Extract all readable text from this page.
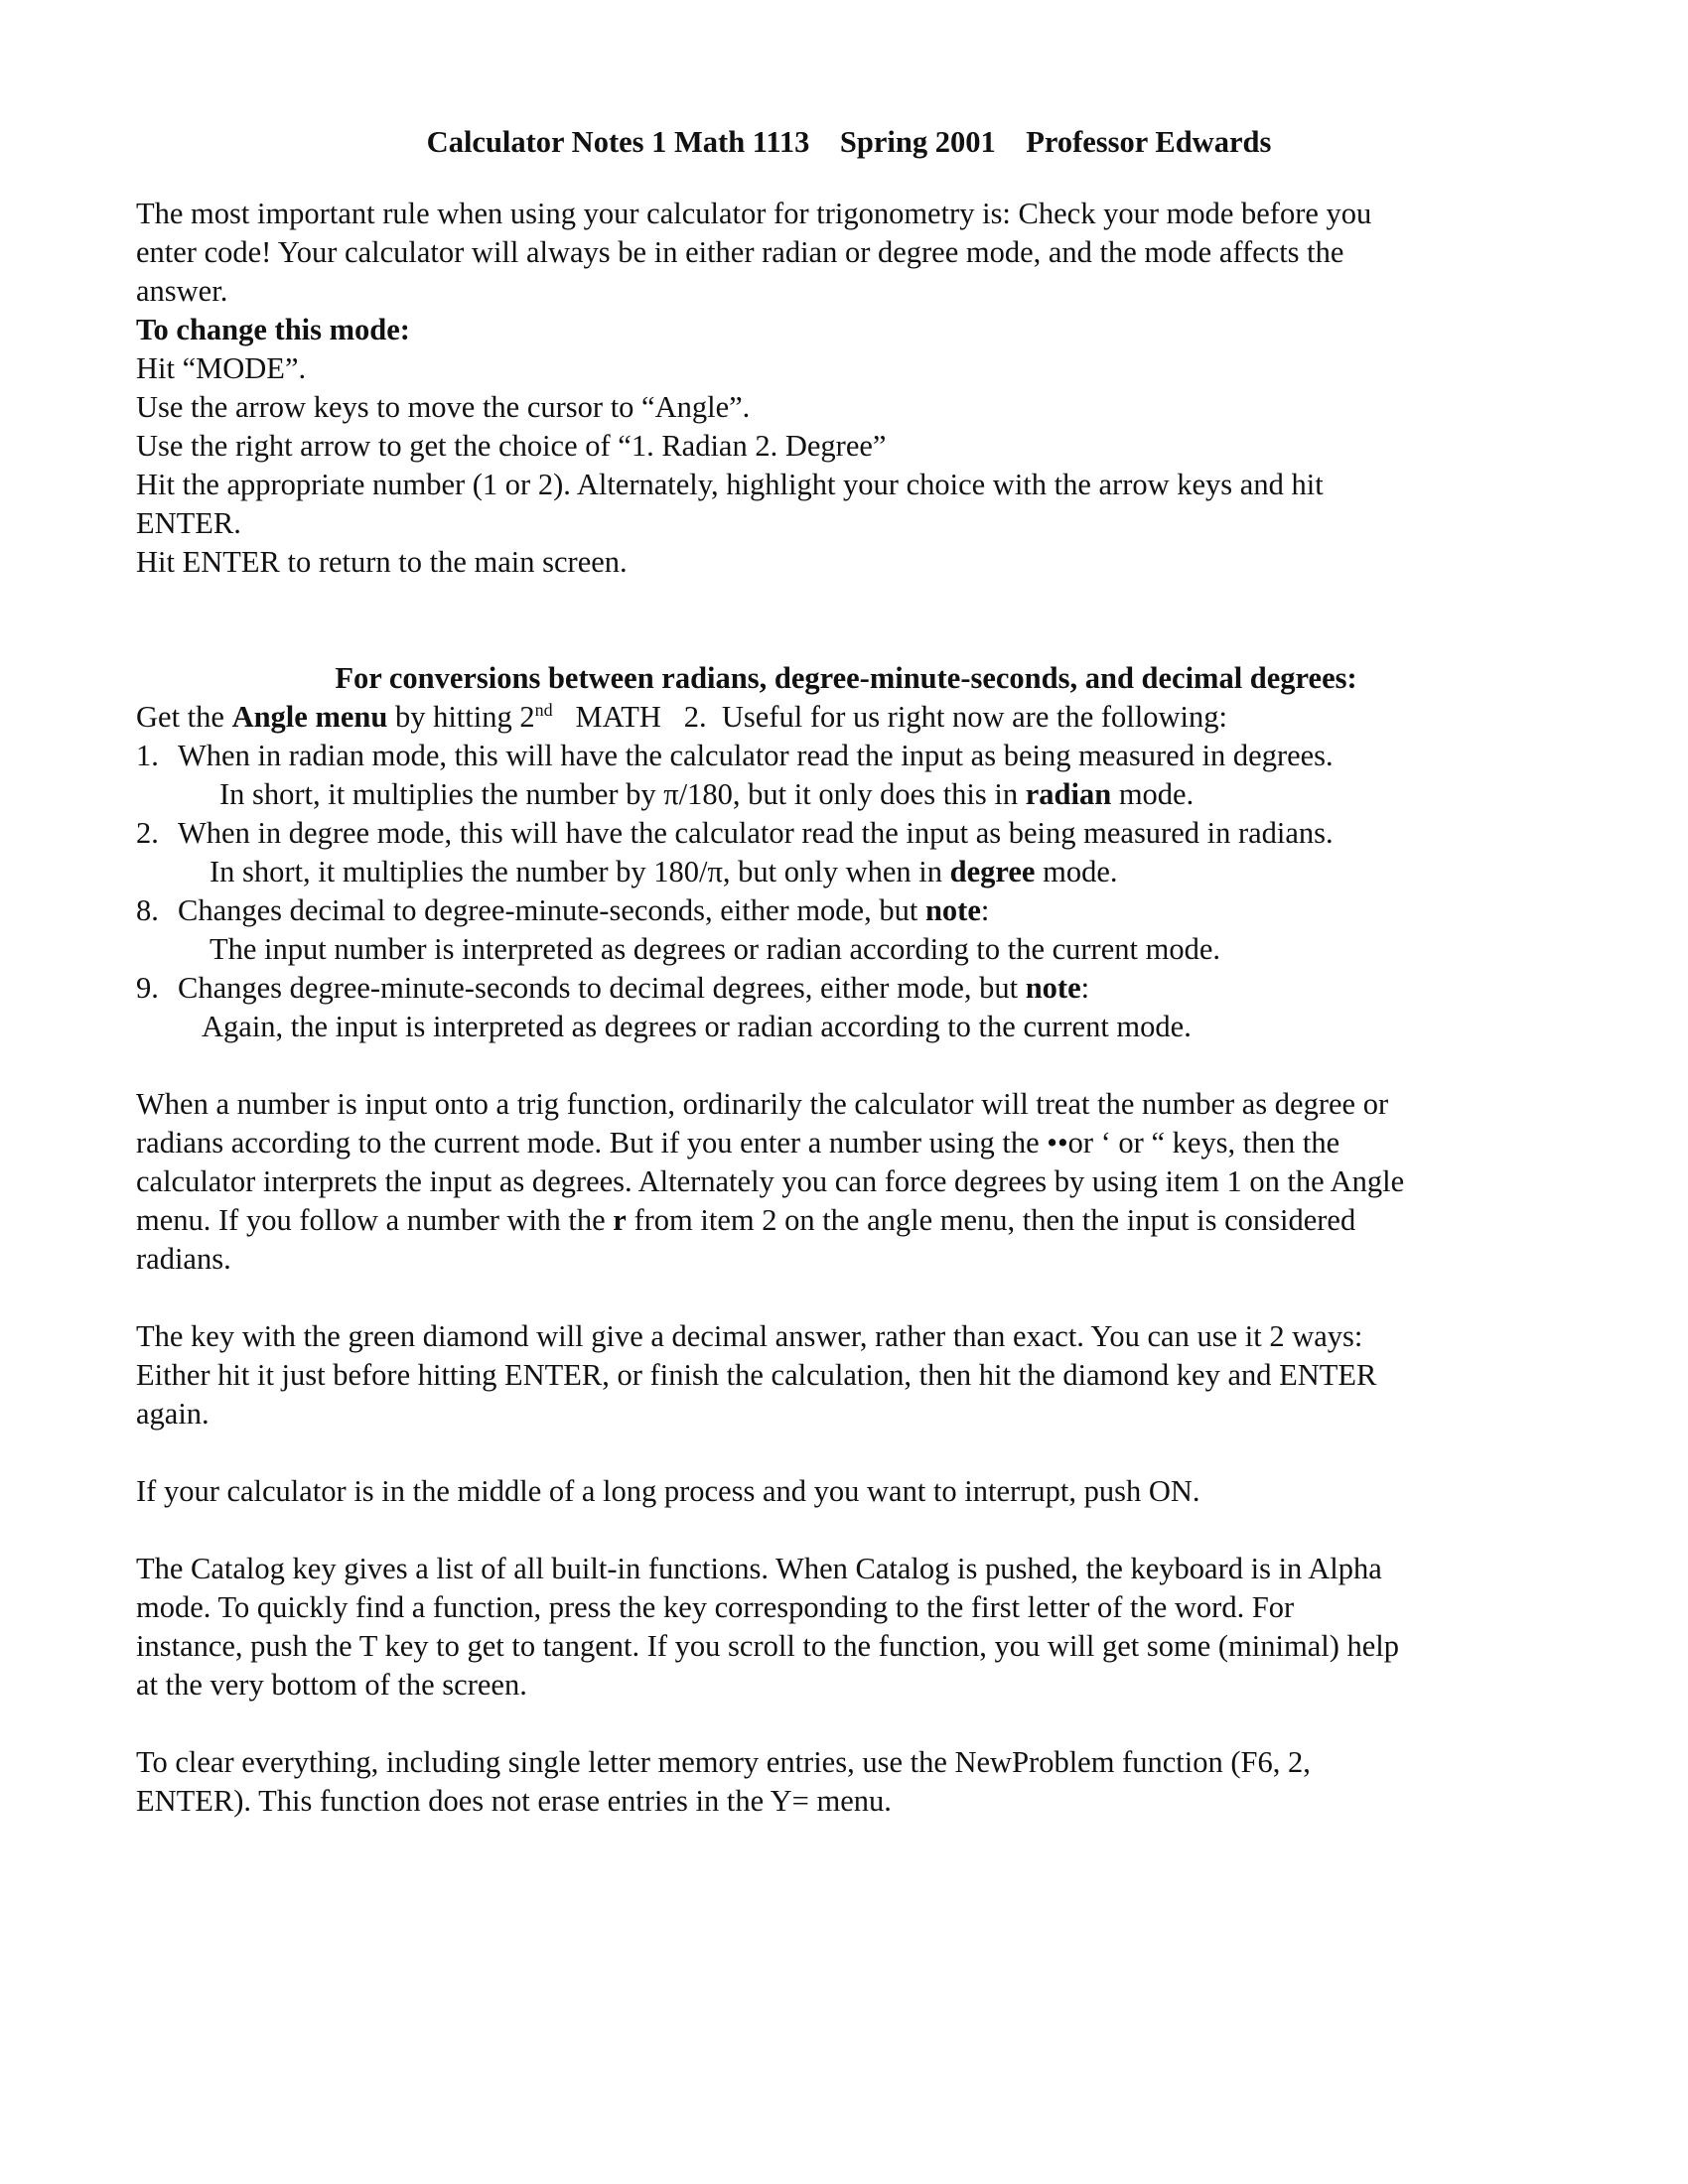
Calculator Notes 1 Math 1113 Spring 2001 Professor Edwards

The most important rule when using your calculator for trigonometry is: Check your mode before you

enter code! Your calculator will always be in either radian or degree mode, and the mode affects the

answer.

To change this mode:

Hit “MODE”.

Use the arrow keys to move the cursor to “Angle”.

Use the right arrow to get the choice of “1. Radian 2. Degree”

Hit the appropriate number (1 or 2). Alternately, highlight your choice with the arrow keys and hit

ENTER.

Hit ENTER to return to the main screen.

For conversions between radians, degree-minute-seconds, and decimal degrees:

Get the Angle menu by hitting 2nd   MATH   2.  Useful for us right now are the following:

1. When in radian mode, this will have the calculator read the input as being measured in degrees.

In short, it multiplies the number by π/180, but it only does this in radian mode.

2. When in degree mode, this will have the calculator read the input as being measured in radians.

In short, it multiplies the number by 180/π, but only when in degree mode.

8. Changes decimal to degree-minute-seconds, either mode, but note:

The input number is interpreted as degrees or radian according to the current mode.

9. Changes degree-minute-seconds to decimal degrees, either mode, but note:

Again, the input is interpreted as degrees or radian according to the current mode.

When a number is input onto a trig function, ordinarily the calculator will treat the number as degree or

radians according to the current mode. But if you enter a number using the ••or ‘ or “ keys, then the

calculator interprets the input as degrees. Alternately you can force degrees by using item 1 on the Angle

menu. If you follow a number with the r from item 2 on the angle menu, then the input is considered

radians.

The key with the green diamond will give a decimal answer, rather than exact. You can use it 2 ways:

Either hit it just before hitting ENTER, or finish the calculation, then hit the diamond key and ENTER

again.

If your calculator is in the middle of a long process and you want to interrupt, push ON.

The Catalog key gives a list of all built-in functions. When Catalog is pushed, the keyboard is in Alpha

mode. To quickly find a function, press the key corresponding to the first letter of the word. For

instance, push the T key to get to tangent. If you scroll to the function, you will get some (minimal) help

at the very bottom of the screen.

To clear everything, including single letter memory entries, use the NewProblem function (F6, 2,

ENTER). This function does not erase entries in the Y= menu.
